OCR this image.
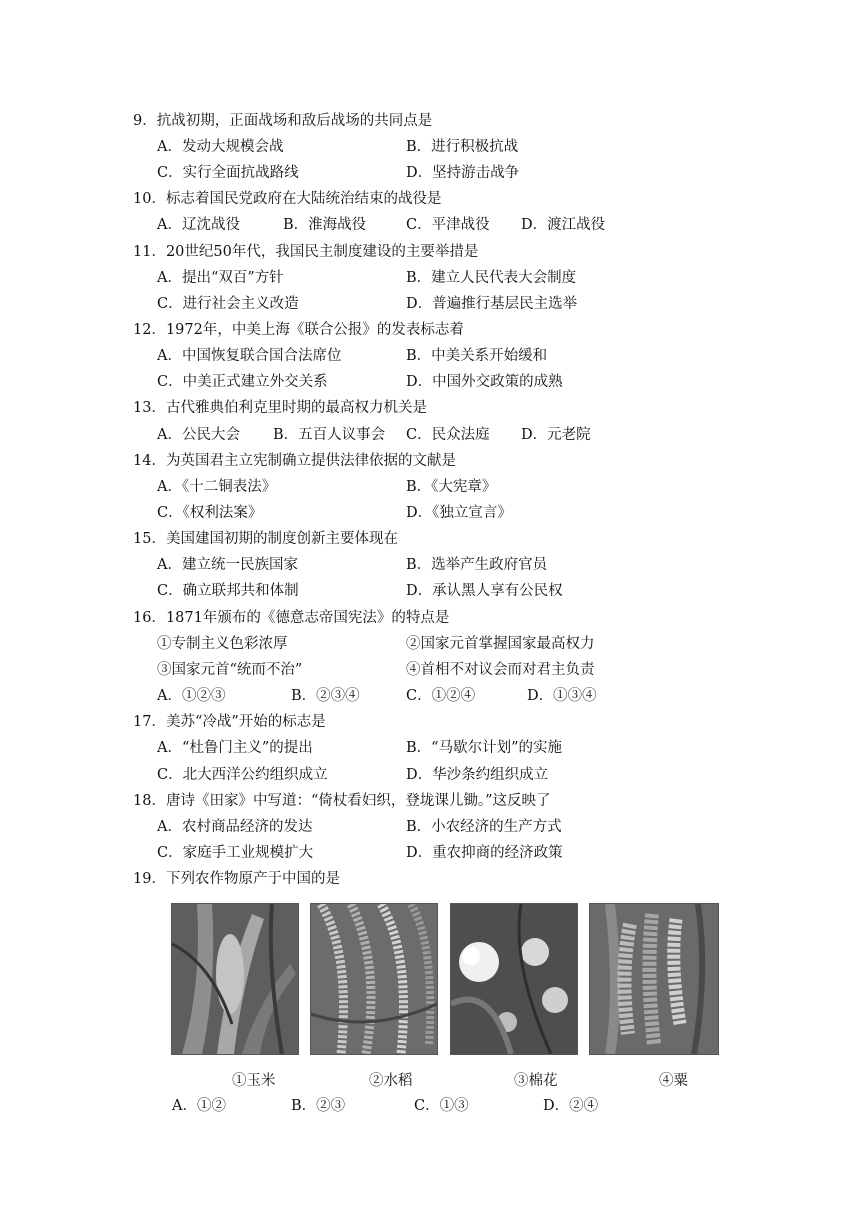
9．抗战初期，正面战场和敌后战场的共同点是
A．发动大规模会战	B．进行积极抗战
C．实行全面抗战路线	D．坚持游击战争
10．标志着国民党政府在大陆统治结束的战役是
A．辽沈战役	B．淮海战役	C．平津战役 D．渡江战役
11．20世纪50年代，我国民主制度建设的主要举措是
A．提出“双百”方针	B．建立人民代表大会制度
C．进行社会主义改造	D．普遍推行基层民主选举
12．1972年，中美上海《联合公报》的发表标志着
A．中国恢复联合国合法席位	B．中美关系开始缓和
C．中美正式建立外交关系	D．中国外交政策的成熟
13．古代雅典伯利克里时期的最高权力机关是
A．公民大会 B．五百人议事会 C．民众法庭 D．元老院
14．为英国君主立宪制确立提供法律依据的文献是
A．《十二铜表法》	B．《大宪章》
C．《权利法案》	D．《独立宣言》
15．美国建国初期的制度创新主要体现在
A．建立统一民族国家	B．选举产生政府官员
C．确立联邦共和体制	D．承认黑人享有公民权
16．1871年颁布的《德意志帝国宪法》的特点是
①专制主义色彩浓厚	②国家元首掌握国家最高权力
③国家元首“统而不治”	④首相不对议会而对君主负责
A．①②③	B．②③④	C．①②④	D．①③④
17．美苏“冷战”开始的标志是
A．“杜鲁门主义”的提出	B．“马歇尔计划”的实施
C．北大西洋公约组织成立	D．华沙条约组织成立
18．唐诗《田家》中写道：“倚杖看妇织，登垅课儿锄。”这反映了
A．农村商品经济的发达	B．小农经济的生产方式
C．家庭手工业规模扩大	D．重农抑商的经济政策
19．下列农作物原产于中国的是
①玉米	②水稻	③棉花	④粟
A．①②	B．②③	C．①③	D．②④
